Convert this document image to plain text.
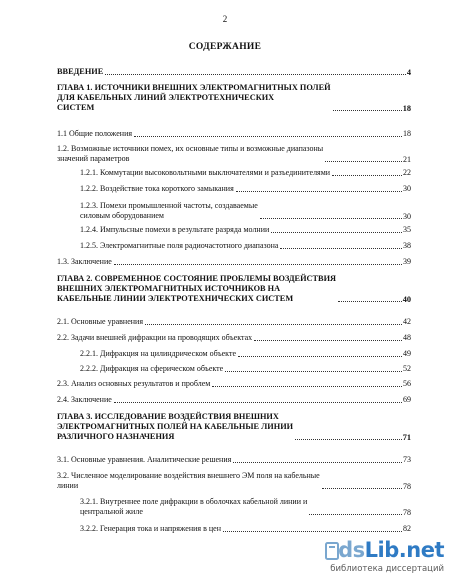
2
СОДЕРЖАНИЕ
ВВЕДЕНИЕ	4
ГЛАВА 1. ИСТОЧНИКИ ВНЕШНИХ ЭЛЕКТРОМАГНИТНЫХ ПОЛЕЙ
ДЛЯ КАБЕЛЬНЫХ ЛИНИЙ ЭЛЕКТРОТЕХНИЧЕСКИХ
СИСТЕМ	18
1.1 Общие положения	18
1.2. Возможные источники помех, их основные типы и возможные диапазоны
значений параметров	21
1.2.1. Коммутации высоковольтными выключателями и разъединителями	22
1.2.2. Воздействие тока короткого замыкания	30
1.2.3. Помехи промышленной частоты, создаваемые
силовым оборудованием	30
1.2.4. Импульсные помехи в результате разряда молнии	35
1.2.5. Электромагнитные поля радиочастотного диапазона	38
1.3. Заключение	39
ГЛАВА 2. СОВРЕМЕННОЕ СОСТОЯНИЕ ПРОБЛЕМЫ ВОЗДЕЙСТВИЯ
ВНЕШНИХ ЭЛЕКТРОМАГНИТНЫХ ИСТОЧНИКОВ НА
КАБЕЛЬНЫЕ ЛИНИИ ЭЛЕКТРОТЕХНИЧЕСКИХ СИСТЕМ	40
2.1. Основные уравнения	42
2.2. Задачи внешней дифракции на проводящих объектах	48
2.2.1. Дифракция на цилиндрическом объекте	49
2.2.2. Дифракция на сферическом объекте	52
2.3. Анализ основных результатов и проблем	56
2.4. Заключение	69
ГЛАВА 3. ИССЛЕДОВАНИЕ ВОЗДЕЙСТВИЯ ВНЕШНИХ
ЭЛЕКТРОМАГНИТНЫХ ПОЛЕЙ НА КАБЕЛЬНЫЕ ЛИНИИ
РАЗЛИЧНОГО НАЗНАЧЕНИЯ	71
3.1. Основные уравнения. Аналитические решения	73
3.2. Численное моделирование воздействия внешнего ЭМ поля на кабельные
линии	78
3.2.1. Внутреннее поле дифракции в оболочках кабельной линии и
центральной жиле	78
3.2.2. Генерация тока и напряжения в цен	82
dsLib.net
библиотека диссертаций
